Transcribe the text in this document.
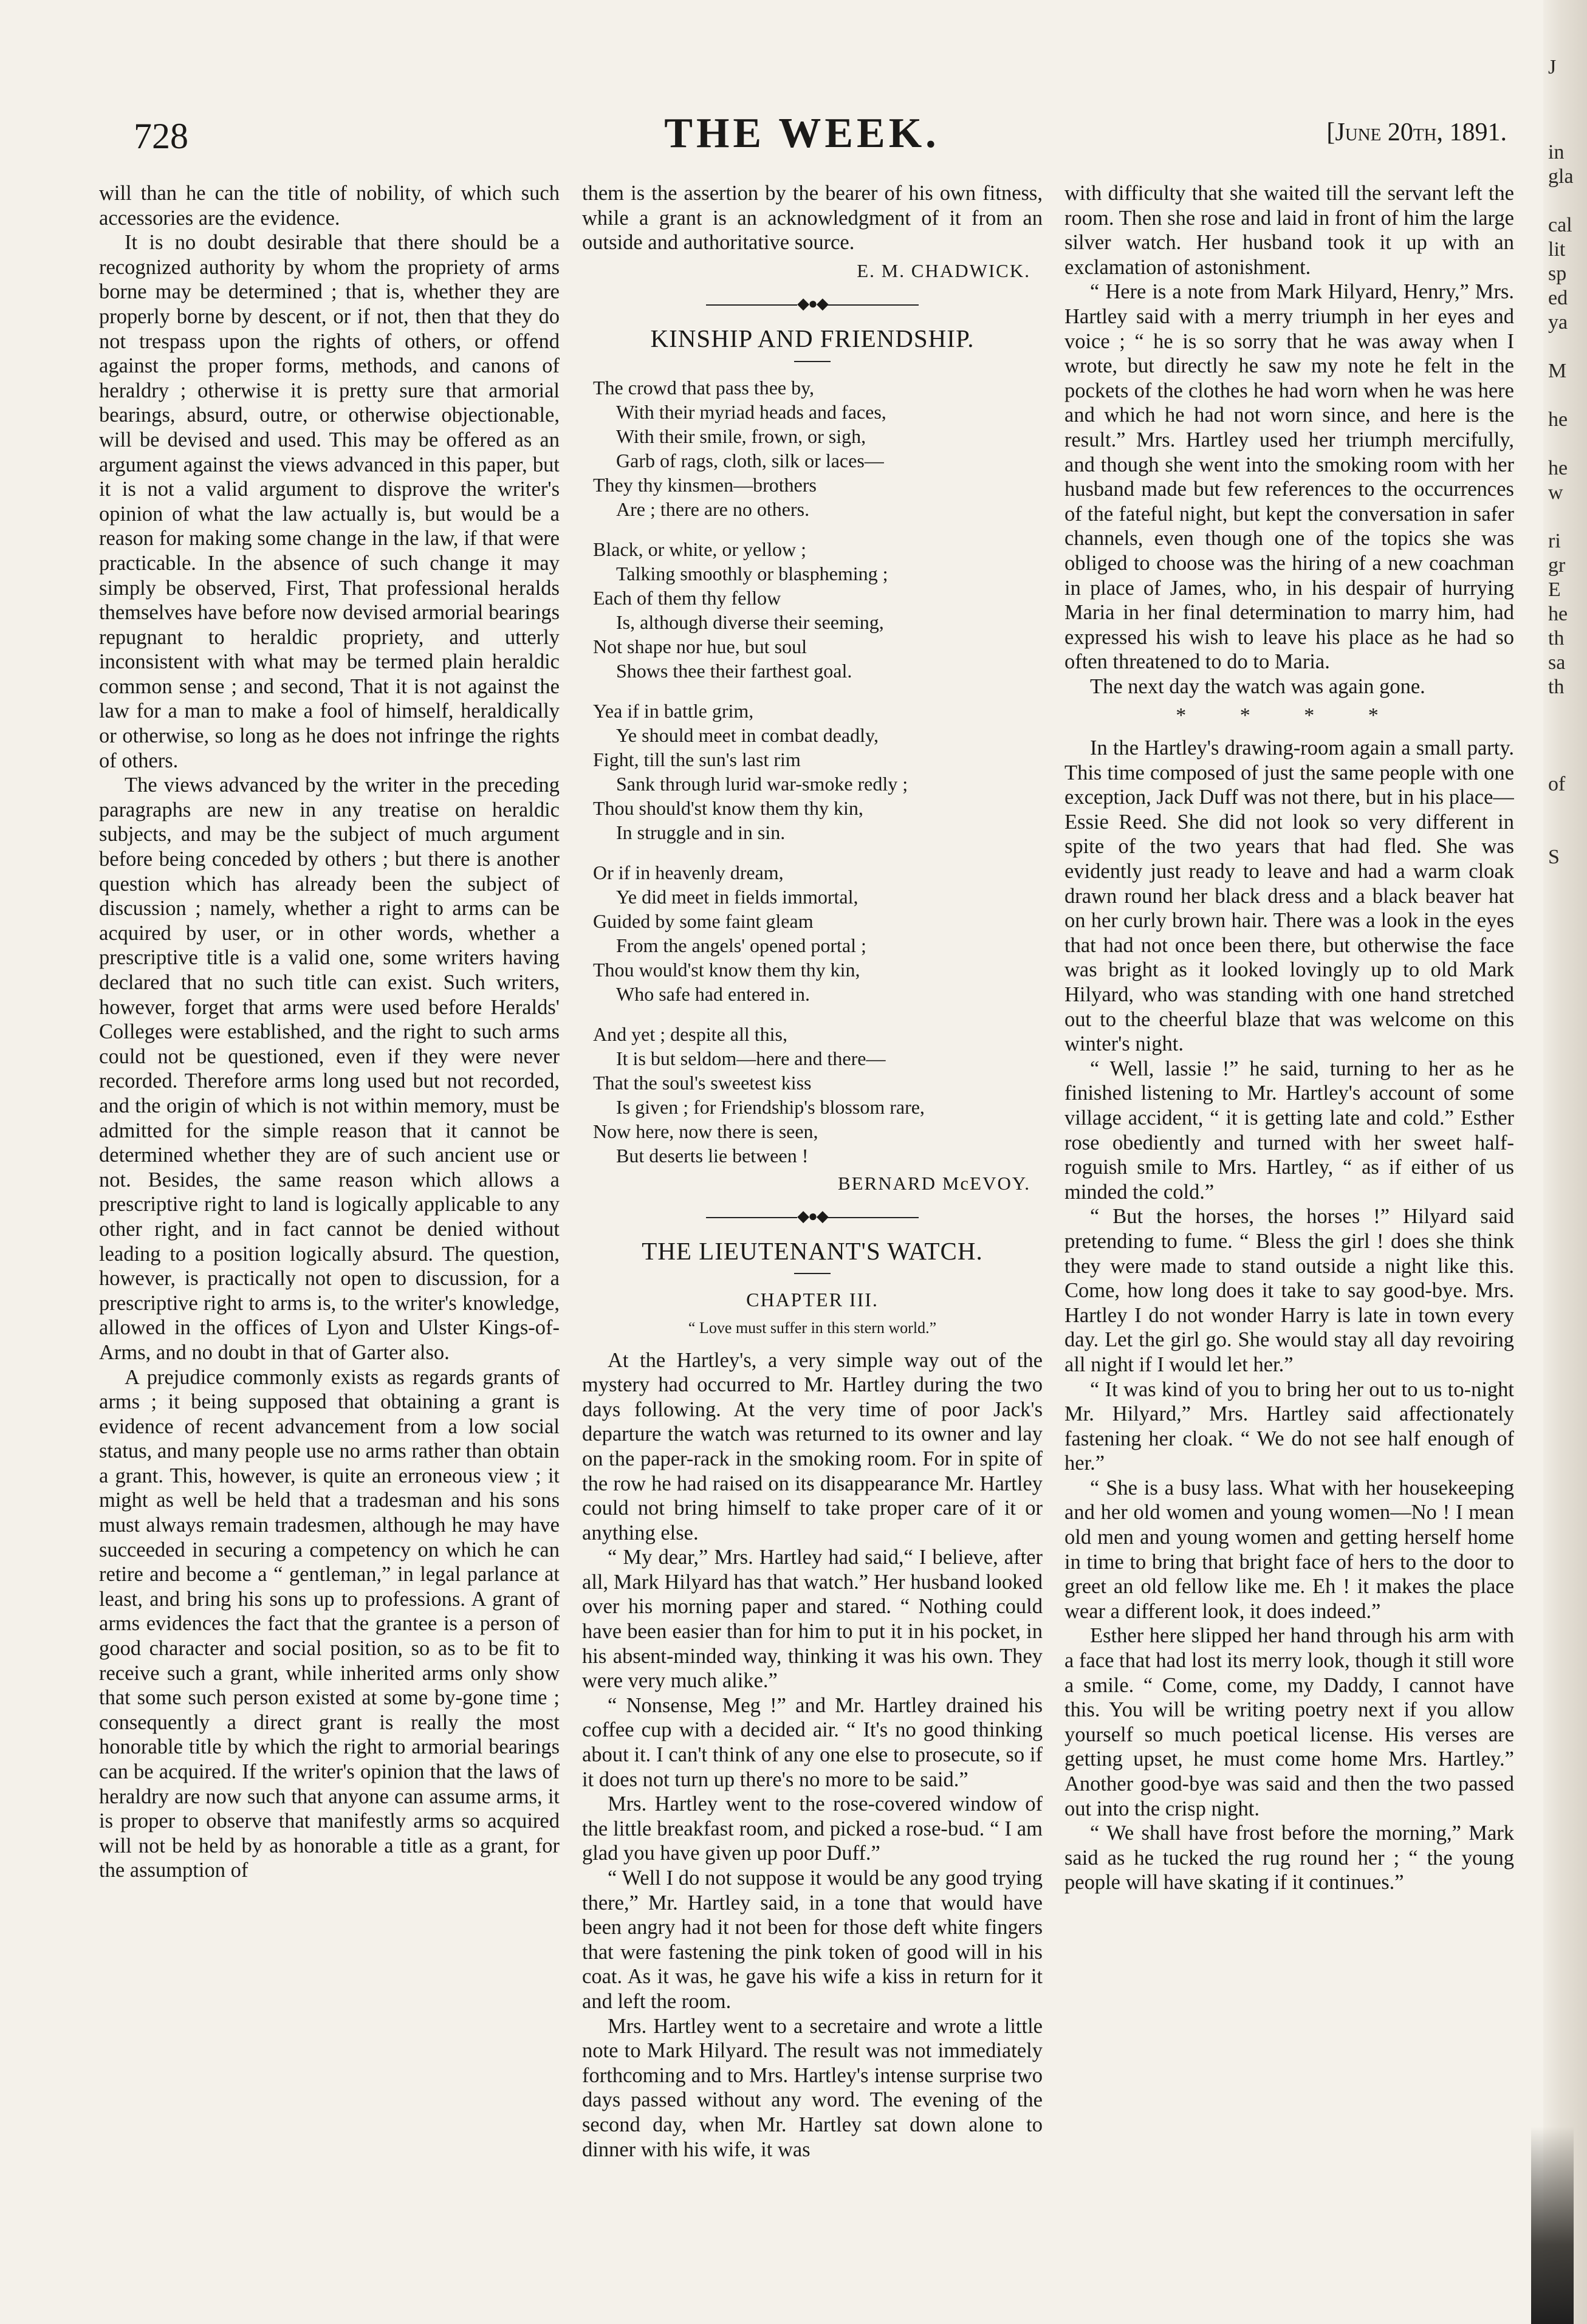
728	THE WEEK.	[June 20th, 1891.

will than he can the title of nobility, of which such accessories are the evidence.

It is no doubt desirable that there should be a recognized authority by whom the propriety of arms borne may be determined ; that is, whether they are properly borne by descent, or if not, then that they do not trespass upon the rights of others, or offend against the proper forms, methods, and canons of heraldry ; otherwise it is pretty sure that armorial bearings, absurd, outre, or otherwise objectionable, will be devised and used. This may be offered as an argument against the views advanced in this paper, but it is not a valid argument to disprove the writer's opinion of what the law actually is, but would be a reason for making some change in the law, if that were practicable. In the absence of such change it may simply be observed, First, That professional heralds themselves have before now devised armorial bearings repugnant to heraldic propriety, and utterly inconsistent with what may be termed plain heraldic common sense ; and second, That it is not against the law for a man to make a fool of himself, heraldically or otherwise, so long as he does not infringe the rights of others.

The views advanced by the writer in the preceding paragraphs are new in any treatise on heraldic subjects, and may be the subject of much argument before being conceded by others ; but there is another question which has already been the subject of discussion ; namely, whether a right to arms can be acquired by user, or in other words, whether a prescriptive title is a valid one, some writers having declared that no such title can exist. Such writers, however, forget that arms were used before Heralds' Colleges were established, and the right to such arms could not be questioned, even if they were never recorded. Therefore arms long used but not recorded, and the origin of which is not within memory, must be admitted for the simple reason that it cannot be determined whether they are of such ancient use or not. Besides, the same reason which allows a prescriptive right to land is logically applicable to any other right, and in fact cannot be denied without leading to a position logically absurd. The question, however, is practically not open to discussion, for a prescriptive right to arms is, to the writer's knowledge, allowed in the offices of Lyon and Ulster Kings-of-Arms, and no doubt in that of Garter also.

A prejudice commonly exists as regards grants of arms ; it being supposed that obtaining a grant is evidence of recent advancement from a low social status, and many people use no arms rather than obtain a grant. This, however, is quite an erroneous view ; it might as well be held that a tradesman and his sons must always remain tradesmen, although he may have succeeded in securing a competency on which he can retire and become a “ gentleman,” in legal parlance at least, and bring his sons up to professions. A grant of arms evidences the fact that the grantee is a person of good character and social position, so as to be fit to receive such a grant, while inherited arms only show that some such person existed at some by-gone time ; consequently a direct grant is really the most honorable title by which the right to armorial bearings can be acquired. If the writer's opinion that the laws of heraldry are now such that anyone can assume arms, it is proper to observe that manifestly arms so acquired will not be held by as honorable a title as a grant, for the assumption of

them is the assertion by the bearer of his own fitness, while a grant is an acknowledgment of it from an outside and authoritative source.

E. M. CHADWICK.
◆●◆
KINSHIP AND FRIENDSHIP.
The crowd that pass thee by,
With their myriad heads and faces,
With their smile, frown, or sigh,
Garb of rags, cloth, silk or laces—
They thy kinsmen—brothers
Are ; there are no others.
Black, or white, or yellow ;
Talking smoothly or blaspheming ;
Each of them thy fellow
Is, although diverse their seeming,
Not shape nor hue, but soul
Shows thee their farthest goal.
Yea if in battle grim,
Ye should meet in combat deadly,
Fight, till the sun's last rim
Sank through lurid war-smoke redly ;
Thou should'st know them thy kin,
In struggle and in sin.
Or if in heavenly dream,
Ye did meet in fields immortal,
Guided by some faint gleam
From the angels' opened portal ;
Thou would'st know them thy kin,
Who safe had entered in.
And yet ; despite all this,
It is but seldom—here and there—
That the soul's sweetest kiss
Is given ; for Friendship's blossom rare,
Now here, now there is seen,
But deserts lie between !
BERNARD McEVOY.
◆●◆
THE LIEUTENANT'S WATCH.
CHAPTER III.
“ Love must suffer in this stern world.”

At the Hartley's, a very simple way out of the mystery had occurred to Mr. Hartley during the two days following. At the very time of poor Jack's departure the watch was returned to its owner and lay on the paper-rack in the smoking room. For in spite of the row he had raised on its disappearance Mr. Hartley could not bring himself to take proper care of it or anything else.

“ My dear,” Mrs. Hartley had said,“ I believe, after all, Mark Hilyard has that watch.” Her husband looked over his morning paper and stared. “ Nothing could have been easier than for him to put it in his pocket, in his absent-minded way, thinking it was his own. They were very much alike.”

“ Nonsense, Meg !” and Mr. Hartley drained his coffee cup with a decided air. “ It's no good thinking about it. I can't think of any one else to prosecute, so if it does not turn up there's no more to be said.”

Mrs. Hartley went to the rose-covered window of the little breakfast room, and picked a rose-bud. “ I am glad you have given up poor Duff.”

“ Well I do not suppose it would be any good trying there,” Mr. Hartley said, in a tone that would have been angry had it not been for those deft white fingers that were fastening the pink token of good will in his coat. As it was, he gave his wife a kiss in return for it and left the room.

Mrs. Hartley went to a secretaire and wrote a little note to Mark Hilyard. The result was not immediately forthcoming and to Mrs. Hartley's intense surprise two days passed without any word. The evening of the second day, when Mr. Hartley sat down alone to dinner with his wife, it was

with difficulty that she waited till the servant left the room. Then she rose and laid in front of him the large silver watch. Her husband took it up with an exclamation of astonishment.

“ Here is a note from Mark Hilyard, Henry,” Mrs. Hartley said with a merry triumph in her eyes and voice ; “ he is so sorry that he was away when I wrote, but directly he saw my note he felt in the pockets of the clothes he had worn when he was here and which he had not worn since, and here is the result.” Mrs. Hartley used her triumph mercifully, and though she went into the smoking room with her husband made but few references to the occurrences of the fateful night, but kept the conversation in safer channels, even though one of the topics she was obliged to choose was the hiring of a new coachman in place of James, who, in his despair of hurrying Maria in her final determination to marry him, had expressed his wish to leave his place as he had so often threatened to do to Maria.

The next day the watch was again gone.

* * * *

In the Hartley's drawing-room again a small party. This time composed of just the same people with one exception, Jack Duff was not there, but in his place—Essie Reed. She did not look so very different in spite of the two years that had fled. She was evidently just ready to leave and had a warm cloak drawn round her black dress and a black beaver hat on her curly brown hair. There was a look in the eyes that had not once been there, but otherwise the face was bright as it looked lovingly up to old Mark Hilyard, who was standing with one hand stretched out to the cheerful blaze that was welcome on this winter's night.

“ Well, lassie !” he said, turning to her as he finished listening to Mr. Hartley's account of some village accident, “ it is getting late and cold.” Esther rose obediently and turned with her sweet half-roguish smile to Mrs. Hartley, “ as if either of us minded the cold.”

“ But the horses, the horses !” Hilyard said pretending to fume. “ Bless the girl ! does she think they were made to stand outside a night like this. Come, how long does it take to say good-bye. Mrs. Hartley I do not wonder Harry is late in town every day. Let the girl go. She would stay all day revoiring all night if I would let her.”

“ It was kind of you to bring her out to us to-night Mr. Hilyard,” Mrs. Hartley said affectionately fastening her cloak. “ We do not see half enough of her.”

“ She is a busy lass. What with her housekeeping and her old women and young women—No ! I mean old men and young women and getting herself home in time to bring that bright face of hers to the door to greet an old fellow like me. Eh ! it makes the place wear a different look, it does indeed.”

Esther here slipped her hand through his arm with a face that had lost its merry look, though it still wore a smile. “ Come, come, my Daddy, I cannot have this. You will be writing poetry next if you allow yourself so much poetical license. His verses are getting upset, he must come home Mrs. Hartley.” Another good-bye was said and then the two passed out into the crisp night.

“ We shall have frost before the morning,” Mark said as he tucked the rug round her ; “ the young people will have skating if it continues.”

J
in
gla
cal
lit
sp
ed
ya
M
he
he
w
ri
gr
E
he
th
sa
th
of
S
